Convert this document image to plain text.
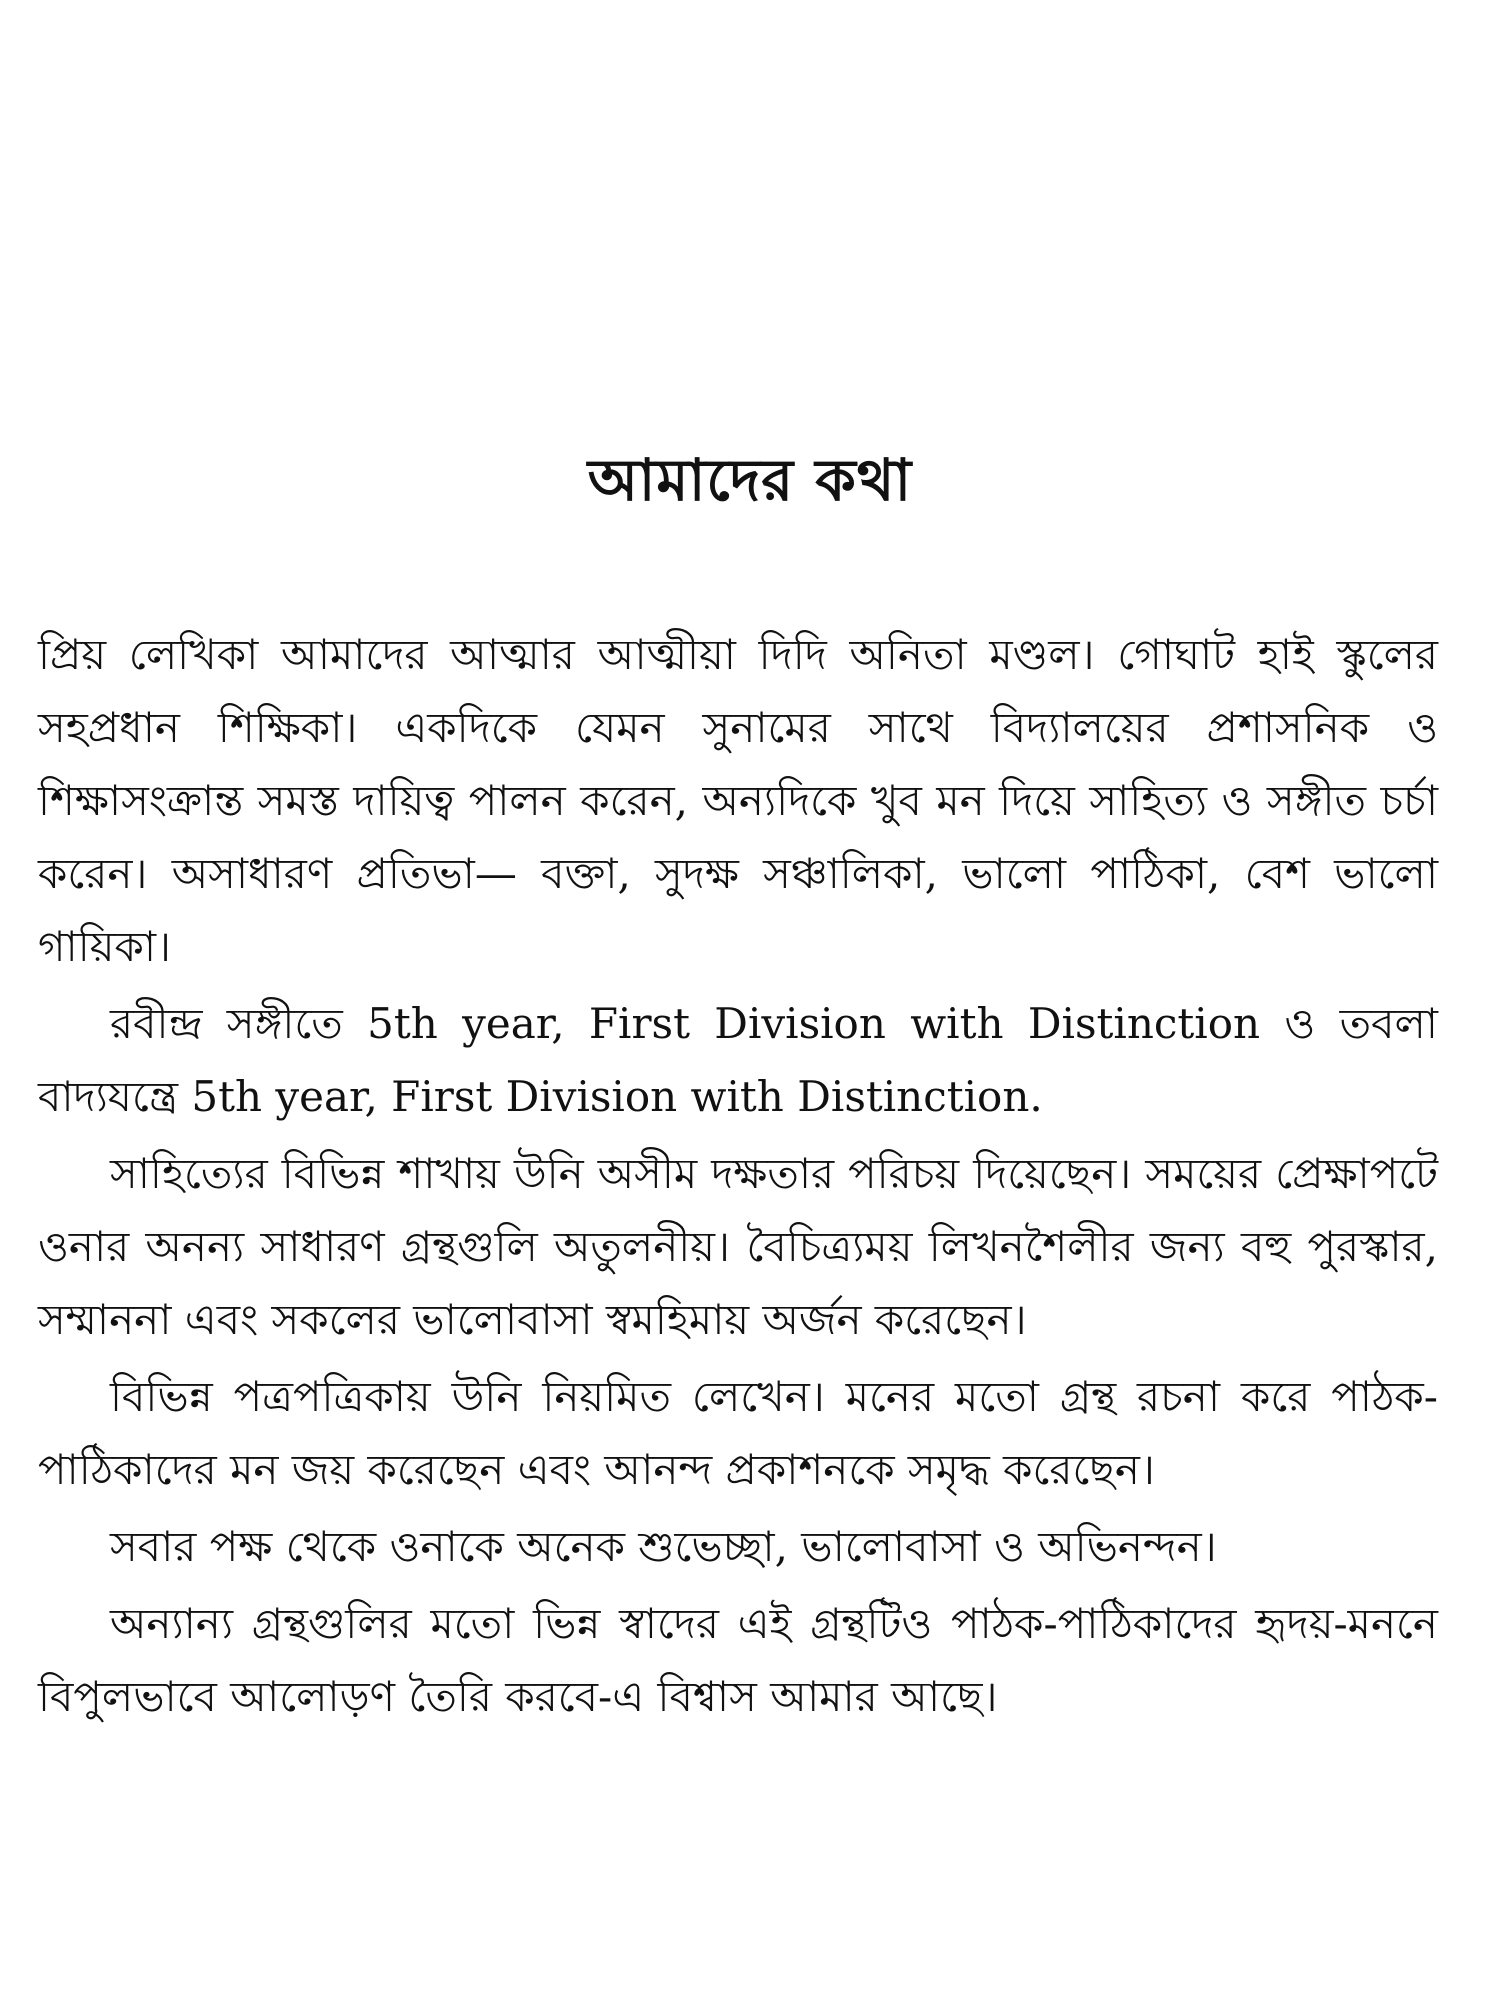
আমাদের কথা

প্রিয় লেখিকা আমাদের আত্মার আত্মীয়া দিদি অনিতা মণ্ডল। গোঘাট হাই স্কুলের সহপ্রধান শিক্ষিকা। একদিকে যেমন সুনামের সাথে বিদ্যালয়ের প্রশাসনিক ও শিক্ষাসংক্রান্ত সমস্ত দায়িত্ব পালন করেন, অন্যদিকে খুব মন দিয়ে সাহিত্য ও সঙ্গীত চর্চা করেন। অসাধারণ প্রতিভা— বক্তা, সুদক্ষ সঞ্চালিকা, ভালো পাঠিকা, বেশ ভালো গায়িকা।

রবীন্দ্র সঙ্গীতে 5th year, First Division with Distinction ও তবলা বাদ্যযন্ত্রে 5th year, First Division with Distinction.

সাহিত্যের বিভিন্ন শাখায় উনি অসীম দক্ষতার পরিচয় দিয়েছেন। সময়ের প্রেক্ষাপটে ওনার অনন্য সাধারণ গ্রন্থগুলি অতুলনীয়। বৈচিত্র্যময় লিখনশৈলীর জন্য বহু পুরস্কার, সম্মাননা এবং সকলের ভালোবাসা স্বমহিমায় অর্জন করেছেন।

বিভিন্ন পত্রপত্রিকায় উনি নিয়মিত লেখেন। মনের মতো গ্রন্থ রচনা করে পাঠক-পাঠিকাদের মন জয় করেছেন এবং আনন্দ প্রকাশনকে সমৃদ্ধ করেছেন।

সবার পক্ষ থেকে ওনাকে অনেক শুভেচ্ছা, ভালোবাসা ও অভিনন্দন।

অন্যান্য গ্রন্থগুলির মতো ভিন্ন স্বাদের এই গ্রন্থটিও পাঠক-পাঠিকাদের হৃদয়-মননে বিপুলভাবে আলোড়ণ তৈরি করবে-এ বিশ্বাস আমার আছে।
